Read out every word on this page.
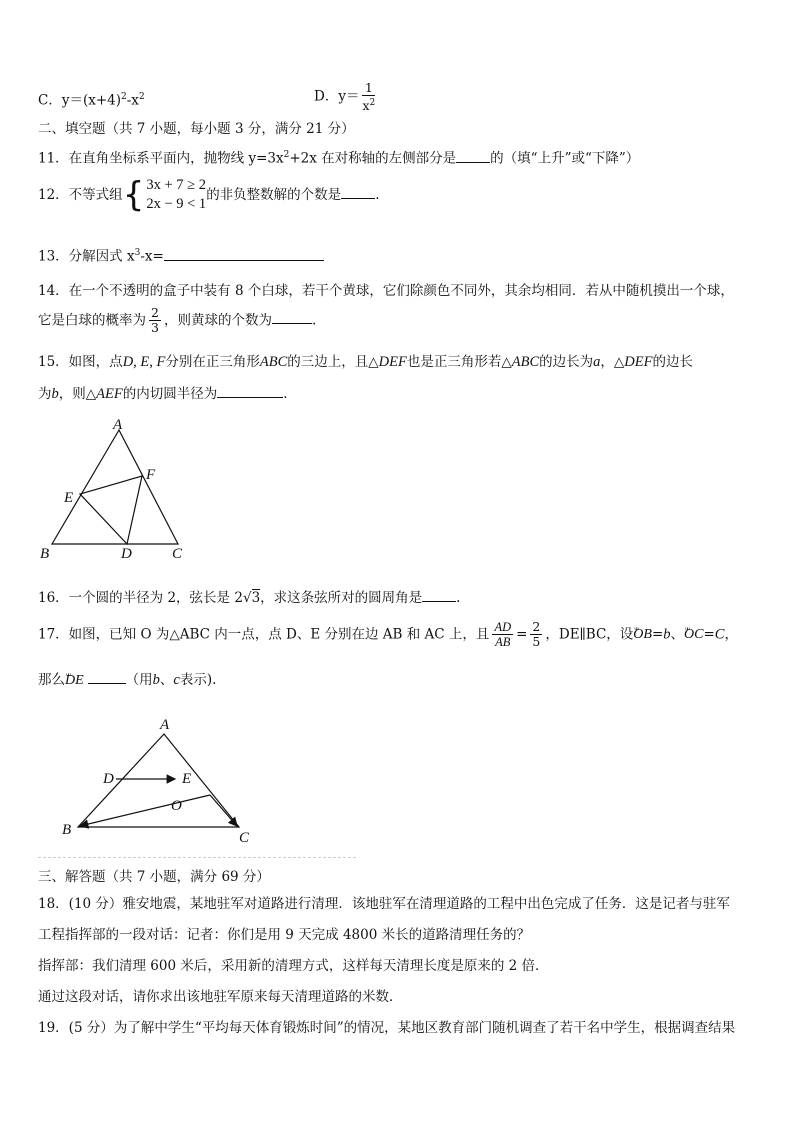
C．$y=(x+4)^2-x^2$	D．$y= \frac{1}{x^2}$
二、填空题（共 7 小题，每小题 3 分，满分 21 分）
11．在直角坐标系平面内，抛物线 $y=3x^2+2x$ 在对称轴的左侧部分是	的（填“上升”或“下降”）
12．不等式组{ 3x + 7 ≥ 2
2x − 9 < 1的非负整数解的个数是	.
13．分解因式 $x^3-x=$
14．在一个不透明的盒子中装有 8 个白球，若干个黄球，它们除颜色不同外，其余均相同．若从中随机摸出一个球，
它是白球的概率为 $\frac{2}{3}$ ，则黄球的个数为	.
15．如图，点D, E, F分别在正三角形ABC的三边上，且△DEF也是正三角形若△ABC的边长为a，△DEF的边长
为b，则△AEF的内切圆半径为	.
A
E
F
B	D	C
16．一个圆的半径为 2，弦长是 2√3，求这条弦所对的圆周角是	.
17．如图，已知 O 为△ABC 内一点，点 D、E 分别在边 AB 和 AC 上，且 $\frac{AD}{AB} = \frac{2}{5}$ ，DE∥BC，设ᵤᵤ OB=b、ᵤᵤ OC=C，
那么ᵤᵤ DE	（用b、c表示).
A
D	E
O
B	C
三、解答题（共 7 小题，满分 69 分）
18．(10 分）雅安地震，某地驻军对道路进行清理．该地驻军在清理道路的工程中出色完成了任务．这是记者与驻军
工程指挥部的一段对话：记者：你们是用 9 天完成 4800 米长的道路清理任务的？
指挥部：我们清理 600 米后，采用新的清理方式，这样每天清理长度是原来的 2 倍．
通过这段对话，请你求出该地驻军原来每天清理道路的米数．
19．(5 分）为了解中学生“平均每天体育锻炼时间”的情况，某地区教育部门随机调查了若干名中学生，根据调查结果
